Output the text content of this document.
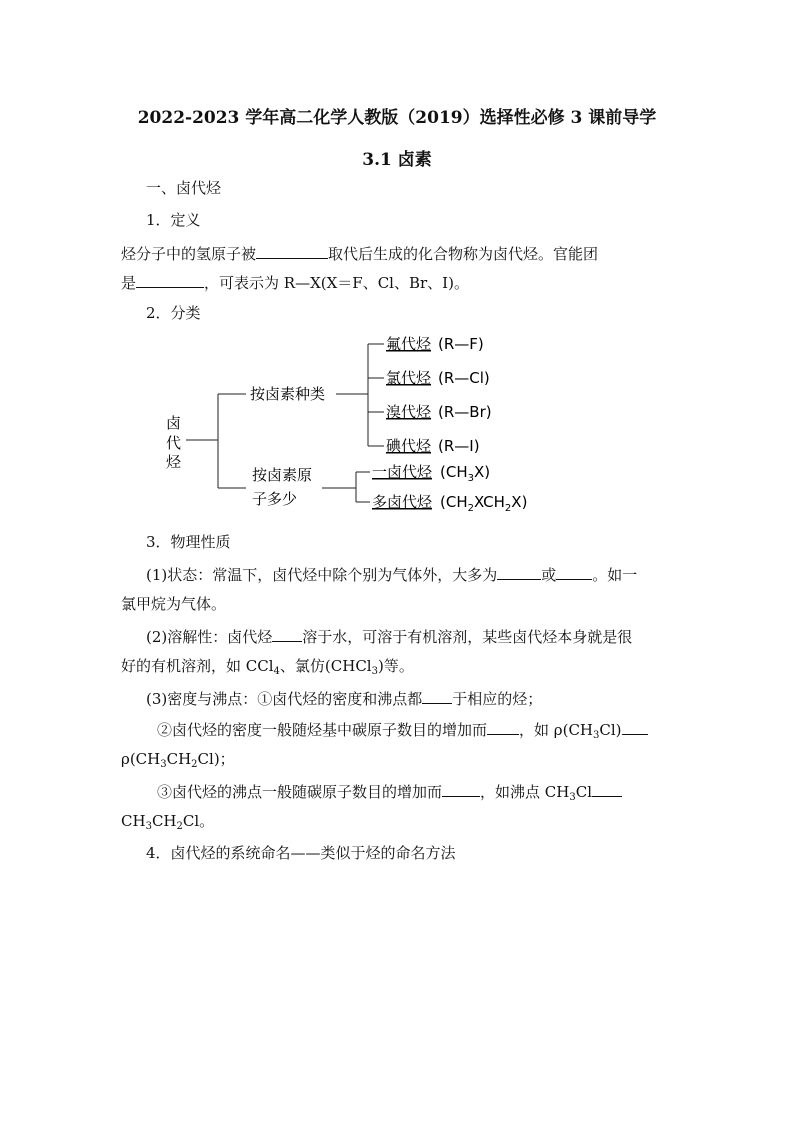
2022-2023 学年高二化学人教版（2019）选择性必修 3 课前导学
3.1 卤素
一、卤代烃
1．定义
烃分子中的氢原子被	取代后生成的化合物称为卤代烃。官能团
是	，可表示为 R—X(X＝F、Cl、Br、I)。
2．分类
卤
代
烃
按卤素种类
按卤素原
子多少
氟代烃 (R—F)
氯代烃 (R—Cl)
溴代烃 (R—Br)
碘代烃 (R—I)
一卤代烃 $(CH_3X)$
多卤代烃 $(CH_2XCH_2X)$
3．物理性质
(1)状态：常温下，卤代烃中除个别为气体外，大多为	或 。如一
氯甲烷为气体。
(2)溶解性：卤代烃 溶于水，可溶于有机溶剂，某些卤代烃本身就是很
好的有机溶剂，如 CCl$_4$、氯仿(CHCl$_3$)等。
(3)密度与沸点：①卤代烃的密度和沸点都 于相应的烃；
②卤代烃的密度一般随烃基中碳原子数目的增加而 ，如 $\rho(CH_3Cl)$
$\rho(CH_3CH_2Cl)$；
③卤代烃的沸点一般随碳原子数目的增加而	，如沸点 $CH_3Cl$
$CH_3CH_2Cl$。
4．卤代烃的系统命名——类似于烃的命名方法
